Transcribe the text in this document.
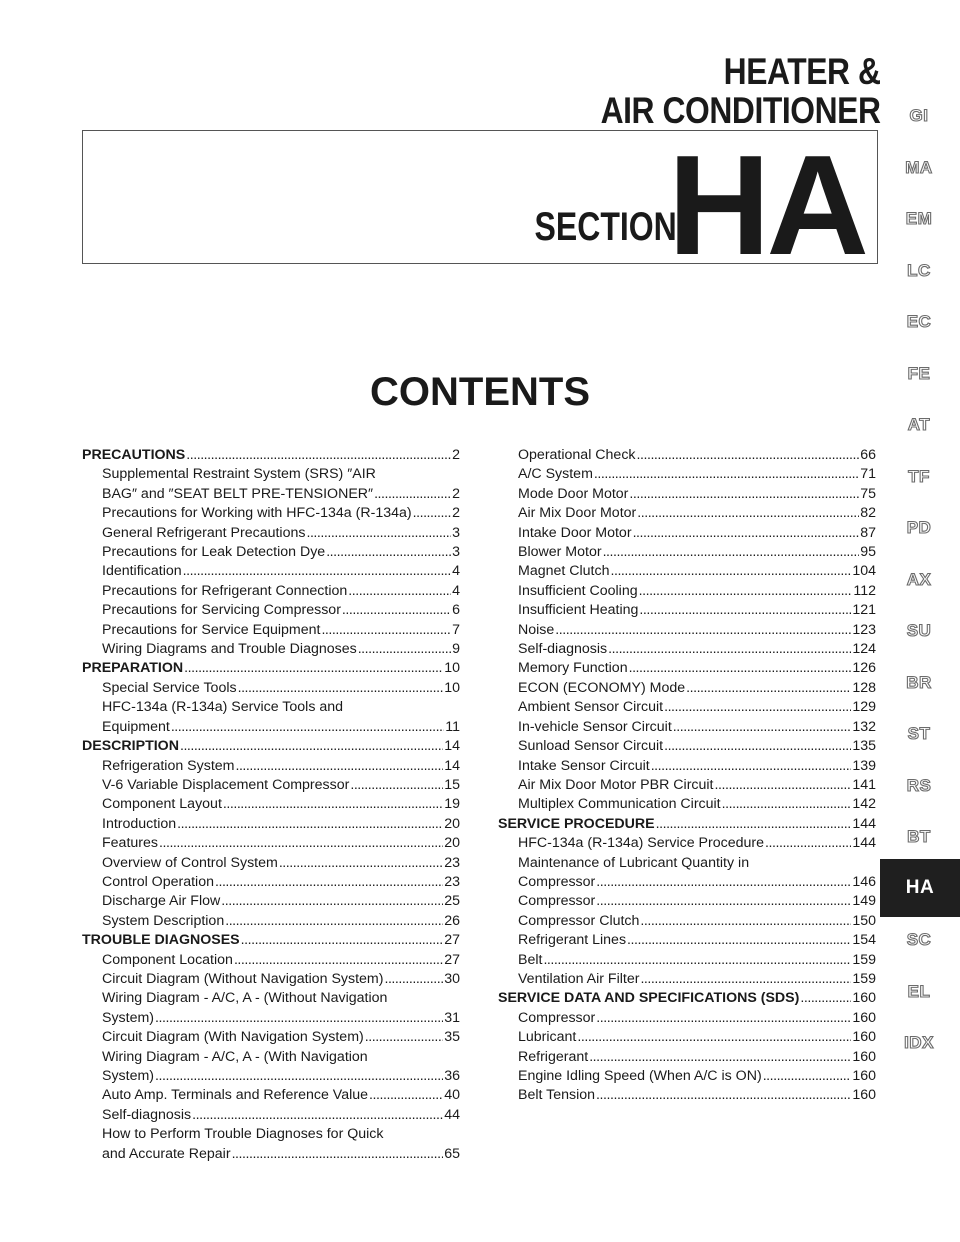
HEATER &
AIR CONDITIONER
SECTION
HA
GI
MA
EM
LC
EC
FE
AT
TF
PD
AX
SU
BR
ST
RS
BT
HA
SC
EL
IDX
CONTENTS
PRECAUTIONS . . .	2
Supplemental Restraint System (SRS) ″AIR
BAG″ and ″SEAT BELT PRE-TENSIONER″ . . .	2
Precautions for Working with HFC-134a (R-134a) . . .	2
General Refrigerant Precautions . . .	3
Precautions for Leak Detection Dye . . .	3
Identification . . .	4
Precautions for Refrigerant Connection . . .	4
Precautions for Servicing Compressor . . .	6
Precautions for Service Equipment . . .	7
Wiring Diagrams and Trouble Diagnoses . . .	9
PREPARATION . . .	10
Special Service Tools . . .	10
HFC-134a (R-134a) Service Tools and
Equipment . . .	11
DESCRIPTION . . .	14
Refrigeration System . . .	14
V-6 Variable Displacement Compressor . . .	15
Component Layout . . .	19
Introduction . . .	20
Features . . .	20
Overview of Control System . . .	23
Control Operation . . .	23
Discharge Air Flow . . .	25
System Description . . .	26
TROUBLE DIAGNOSES . . .	27
Component Location . . .	27
Circuit Diagram (Without Navigation System) . . .	30
Wiring Diagram - A/C, A - (Without Navigation
System) . . .	31
Circuit Diagram (With Navigation System) . . .	35
Wiring Diagram - A/C, A - (With Navigation
System) . . .	36
Auto Amp. Terminals and Reference Value . . .	40
Self-diagnosis . . .	44
How to Perform Trouble Diagnoses for Quick
and Accurate Repair . . .	65
Operational Check . . .	66
A/C System . . .	71
Mode Door Motor . . .	75
Air Mix Door Motor . . .	82
Intake Door Motor . . .	87
Blower Motor . . .	95
Magnet Clutch . . .	104
Insufficient Cooling . . .	112
Insufficient Heating . . .	121
Noise . . .	123
Self-diagnosis . . .	124
Memory Function . . .	126
ECON (ECONOMY) Mode . . .	128
Ambient Sensor Circuit . . .	129
In-vehicle Sensor Circuit . . .	132
Sunload Sensor Circuit . . .	135
Intake Sensor Circuit . . .	139
Air Mix Door Motor PBR Circuit . . .	141
Multiplex Communication Circuit . . .	142
SERVICE PROCEDURE . . .	144
HFC-134a (R-134a) Service Procedure . . .	144
Maintenance of Lubricant Quantity in
Compressor . . .	146
Compressor . . .	149
Compressor Clutch . . .	150
Refrigerant Lines . . .	154
Belt . . .	159
Ventilation Air Filter . . .	159
SERVICE DATA AND SPECIFICATIONS (SDS) . . .	160
Compressor . . .	160
Lubricant . . .	160
Refrigerant . . .	160
Engine Idling Speed (When A/C is ON) . . .	160
Belt Tension . . .	160
